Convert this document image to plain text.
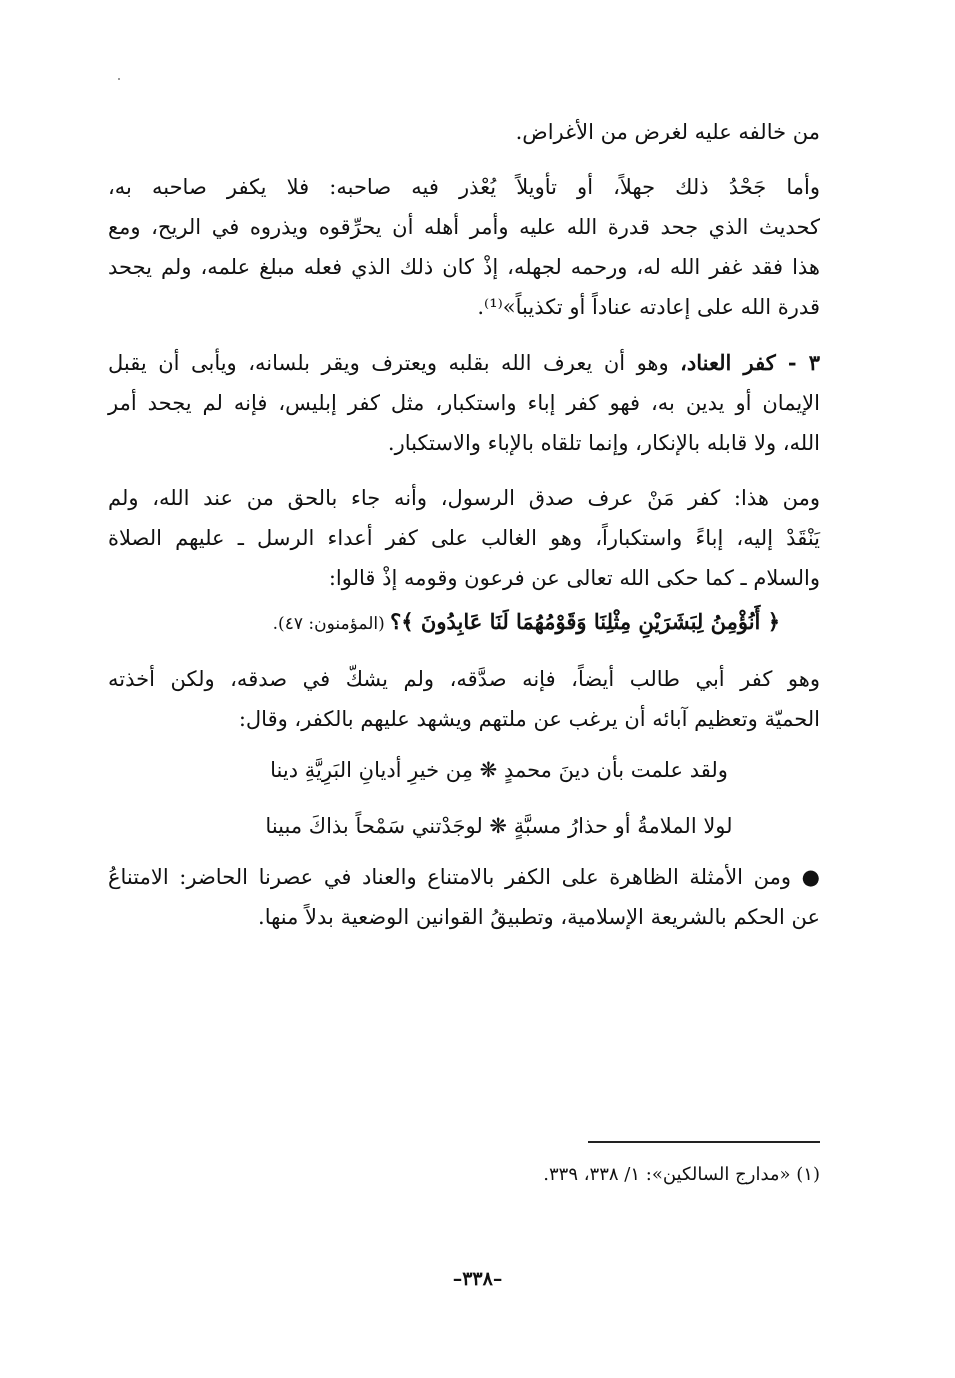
من خالفه عليه لغرض من الأغراض.
وأما جَحْدُ ذلك جهلاً، أو تأويلاً يُعْذر فيه صاحبه: فلا يكفر صاحبه به،
كحديث الذي جحد قدرة الله عليه وأمر أهله أن يحرِّقوه ويذروه في الريح، ومع
هذا فقد غفر الله له، ورحمه لجهله، إذْ كان ذلك الذي فعله مبلغ علمه، ولم يجحد
قدرة الله على إعادته عناداً أو تكذيباً»⁽¹⁾.
٣ - كفر العناد، وهو أن يعرف الله بقلبه ويعترف ويقر بلسانه، ويأبى أن يقبل
الإيمان أو يدين به، فهو كفر إباء واستكبار، مثل كفر إبليس، فإنه لم يجحد أمر
الله، ولا قابله بالإنكار، وإنما تلقاه بالإباء والاستكبار.
ومن هذا: كفر مَنْ عرف صدق الرسول، وأنه جاء بالحق من عند الله، ولم
يَنْقَدْ إليه، إباءً واستكباراً، وهو الغالب على كفر أعداء الرسل ـ عليهم الصلاة
والسلام ـ كما حكى الله تعالى عن فرعون وقومه إذْ قالوا:
﴿ أَنُؤْمِنُ لِبَشَرَيْنِ مِثْلِنَا وَقَوْمُهُمَا لَنَا عَابِدُونَ ﴾؟ (المؤمنون: ٤٧).
وهو كفر أبي طالب أيضاً، فإنه صدَّقه، ولم يشكّ في صدقه، ولكن أخذته
الحميّة وتعظيم آبائه أن يرغب عن ملتهم ويشهد عليهم بالكفر، وقال:
ولقد علمت بأن دينَ محمدٍ ❋ مِن خيرِ أديانِ البَرِيَّةِ دينا
لولا الملامةُ أو حذارُ مسبَّةٍ ❋ لوجَدْتني سَمْحاً بذاكَ مبينا
● ومن الأمثلة الظاهرة على الكفر بالامتناع والعناد في عصرنا الحاضر: الامتناعُ
عن الحكم بالشريعة الإسلامية، وتطبيقُ القوانين الوضعية بدلاً منها.
(١) «مدارج السالكين»: ١/ ٣٣٨، ٣٣٩.
–٣٣٨–
